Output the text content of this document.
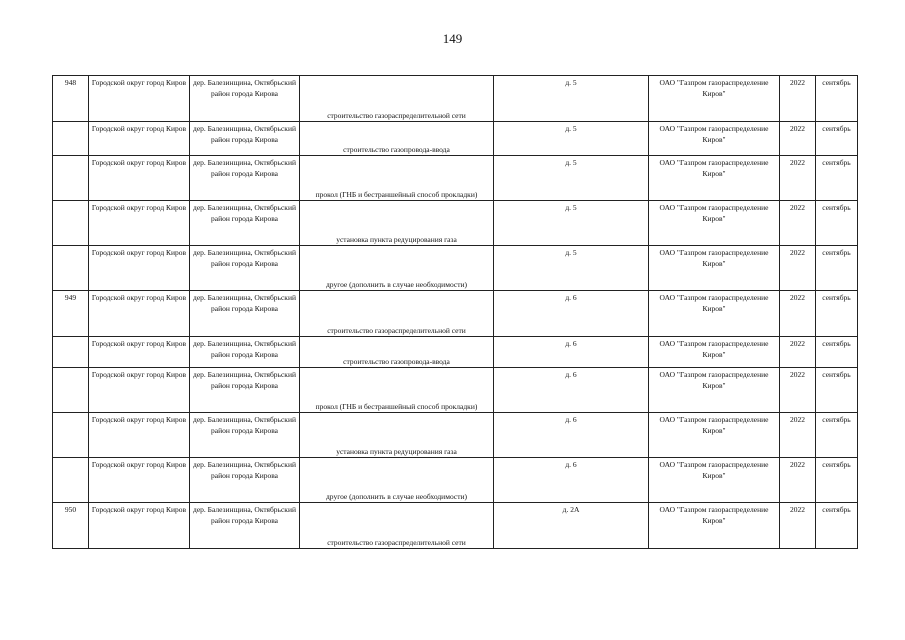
149
948	Городской округ город Киров	дер. Балезинщина, Октябрьский район города Кирова	строительство газораспределительной сети	д. 5	ОАО "Газпром газораспределение Киров"	2022	сентябрь
	Городской округ город Киров	дер. Балезинщина, Октябрьский район города Кирова	строительство газопровода-ввода	д. 5	ОАО "Газпром газораспределение Киров"	2022	сентябрь
	Городской округ город Киров	дер. Балезинщина, Октябрьский район города Кирова	прокол (ГНБ и бестраншейный способ прокладки)	д. 5	ОАО "Газпром газораспределение Киров"	2022	сентябрь
	Городской округ город Киров	дер. Балезинщина, Октябрьский район города Кирова	установка пункта редуцирования газа	д. 5	ОАО "Газпром газораспределение Киров"	2022	сентябрь
	Городской округ город Киров	дер. Балезинщина, Октябрьский район города Кирова	другое (дополнить в случае необходимости)	д. 5	ОАО "Газпром газораспределение Киров"	2022	сентябрь
949	Городской округ город Киров	дер. Балезинщина, Октябрьский район города Кирова	строительство газораспределительной сети	д. 6	ОАО "Газпром газораспределение Киров"	2022	сентябрь
	Городской округ город Киров	дер. Балезинщина, Октябрьский район города Кирова	строительство газопровода-ввода	д. 6	ОАО "Газпром газораспределение Киров"	2022	сентябрь
	Городской округ город Киров	дер. Балезинщина, Октябрьский район города Кирова	прокол (ГНБ и бестраншейный способ прокладки)	д. 6	ОАО "Газпром газораспределение Киров"	2022	сентябрь
	Городской округ город Киров	дер. Балезинщина, Октябрьский район города Кирова	установка пункта редуцирования газа	д. 6	ОАО "Газпром газораспределение Киров"	2022	сентябрь
	Городской округ город Киров	дер. Балезинщина, Октябрьский район города Кирова	другое (дополнить в случае необходимости)	д. 6	ОАО "Газпром газораспределение Киров"	2022	сентябрь
950	Городской округ город Киров	дер. Балезинщина, Октябрьский район города Кирова	строительство газораспределительной сети	д. 2А	ОАО "Газпром газораспределение Киров"	2022	сентябрь
